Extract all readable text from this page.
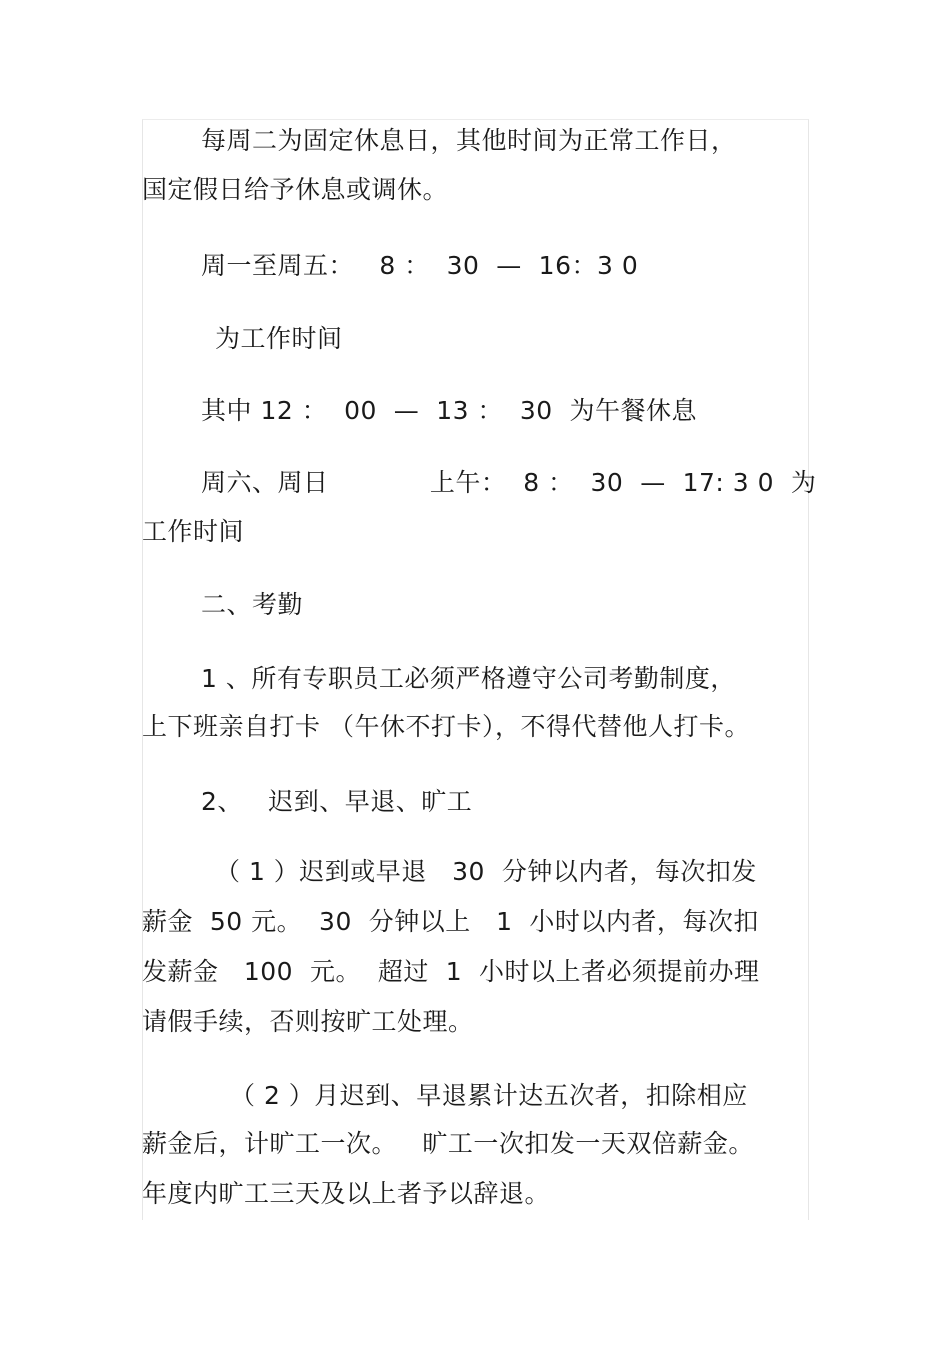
每周二为固定休息日，其他时间为正常工作日，
国定假日给予休息或调休。
周一至周五：   8 ：  30  —  16：3 0
为工作时间
其中 12 ：  00  —  13 ：  30  为午餐休息
周六、周日            上午：  8 ：  30  —  17: 3 0  为
工作时间
二、考勤
1 、所有专职员工必须严格遵守公司考勤制度，
上下班亲自打卡 （午休不打卡），不得代替他人打卡。
2、   迟到、早退、旷工
（ 1 ）迟到或早退   30  分钟以内者，每次扣发
薪金  50 元。  30  分钟以上   1  小时以内者，每次扣
发薪金   100  元。  超过  1  小时以上者必须提前办理
请假手续，否则按旷工处理。
（ 2 ）月迟到、早退累计达五次者，扣除相应
薪金后，计旷工一次。   旷工一次扣发一天双倍薪金。
年度内旷工三天及以上者予以辞退。
